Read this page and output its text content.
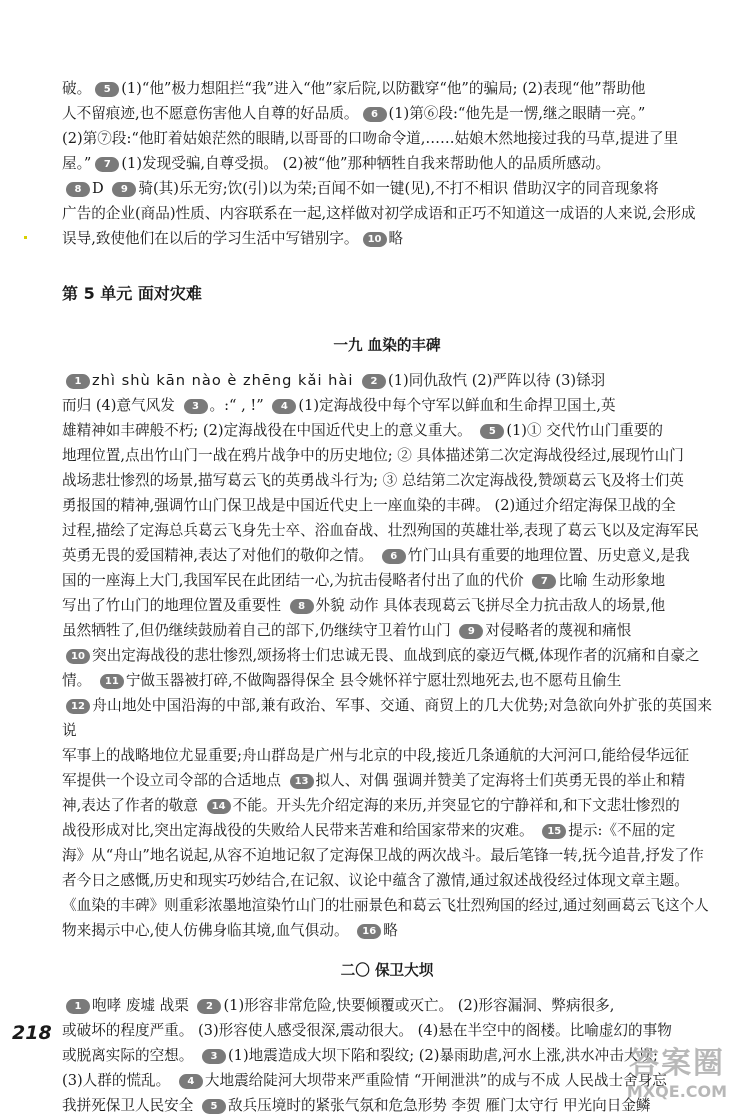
破。 5 (1)“他”极力想阻拦“我”进入“他”家后院,以防戳穿“他”的骗局; (2)表现“他”帮助他

人不留痕迹,也不愿意伤害他人自尊的好品质。 6 (1)第⑥段:“他先是一愣,继之眼睛一亮。”

(2)第⑦段:“他盯着姑娘茫然的眼睛,以哥哥的口吻命令道,……姑娘木然地接过我的马草,提进了里

屋。” 7 (1)发现受骗,自尊受损。 (2)被“他”那种牺牲自我来帮助他人的品质所感动。

8 D 9 骑(其)乐无穷;饮(引)以为荣;百闻不如一键(见),不打不相识 借助汉字的同音现象将

广告的企业(商品)性质、内容联系在一起,这样做对初学成语和正巧不知道这一成语的人来说,会形成

误导,致使他们在以后的学习生活中写错别字。 10 略

第 5 单元 面对灾难
一九 血染的丰碑

1 zhì shù kān nào è zhēng kǎi hài 2 (1)同仇敌忾 (2)严阵以待 (3)铩羽

而归 (4)意气风发 3 。:“ , !” 4 (1)定海战役中每个守军以鲜血和生命捍卫国土,英

雄精神如丰碑般不朽; (2)定海战役在中国近代史上的意义重大。 5 (1)① 交代竹山门重要的

地理位置,点出竹山门一战在鸦片战争中的历史地位; ② 具体描述第二次定海战役经过,展现竹山门

战场悲壮惨烈的场景,描写葛云飞的英勇战斗行为; ③ 总结第二次定海战役,赞颂葛云飞及将士们英

勇报国的精神,强调竹山门保卫战是中国近代史上一座血染的丰碑。 (2)通过介绍定海保卫战的全

过程,描绘了定海总兵葛云飞身先士卒、浴血奋战、壮烈殉国的英雄壮举,表现了葛云飞以及定海军民

英勇无畏的爱国精神,表达了对他们的敬仰之情。 6 竹门山具有重要的地理位置、历史意义,是我

国的一座海上大门,我国军民在此团结一心,为抗击侵略者付出了血的代价 7 比喻 生动形象地

写出了竹山门的地理位置及重要性 8 外貌 动作 具体表现葛云飞拼尽全力抗击敌人的场景,他

虽然牺牲了,但仍继续鼓励着自己的部下,仍继续守卫着竹山门 9 对侵略者的蔑视和痛恨

10 突出定海战役的悲壮惨烈,颂扬将士们忠诚无畏、血战到底的豪迈气概,体现作者的沉痛和自豪之

情。 11 宁做玉器被打碎,不做陶器得保全 县令姚怀祥宁愿壮烈地死去,也不愿苟且偷生

12 舟山地处中国沿海的中部,兼有政治、军事、交通、商贸上的几大优势;对急欲向外扩张的英国来说

军事上的战略地位尤显重要;舟山群岛是广州与北京的中段,接近几条通航的大河河口,能给侵华远征

军提供一个设立司令部的合适地点 13 拟人、对偶 强调并赞美了定海将士们英勇无畏的举止和精

神,表达了作者的敬意 14 不能。开头先介绍定海的来历,并突显它的宁静祥和,和下文悲壮惨烈的

战役形成对比,突出定海战役的失败给人民带来苦难和给国家带来的灾难。 15 提示:《不屈的定

海》从“舟山”地名说起,从容不迫地记叙了定海保卫战的两次战斗。最后笔锋一转,抚今追昔,抒发了作

者今日之感慨,历史和现实巧妙结合,在记叙、议论中蕴含了激情,通过叙述战役经过体现文章主题。

《血染的丰碑》则重彩浓墨地渲染竹山门的壮丽景色和葛云飞壮烈殉国的经过,通过刻画葛云飞这个人

物来揭示中心,使人仿佛身临其境,血气俱动。 16 略

二〇 保卫大坝

1 咆哮 废墟 战栗 2 (1)形容非常危险,快要倾覆或灭亡。 (2)形容漏洞、弊病很多,

或破坏的程度严重。 (3)形容使人感受很深,震动很大。 (4)悬在半空中的阁楼。比喻虚幻的事物

或脱离实际的空想。 3 (1)地震造成大坝下陷和裂纹; (2)暴雨助虐,河水上涨,洪水冲击大坝;

(3)人群的慌乱。 4 大地震给陡河大坝带来严重险情 “开闸泄洪”的成与不成 人民战士舍身忘

我拼死保卫人民安全 5 敌兵压境时的紧张气氛和危急形势 李贺 雁门太守行 甲光向日金鳞

218
答案圈
MXQE.COM
